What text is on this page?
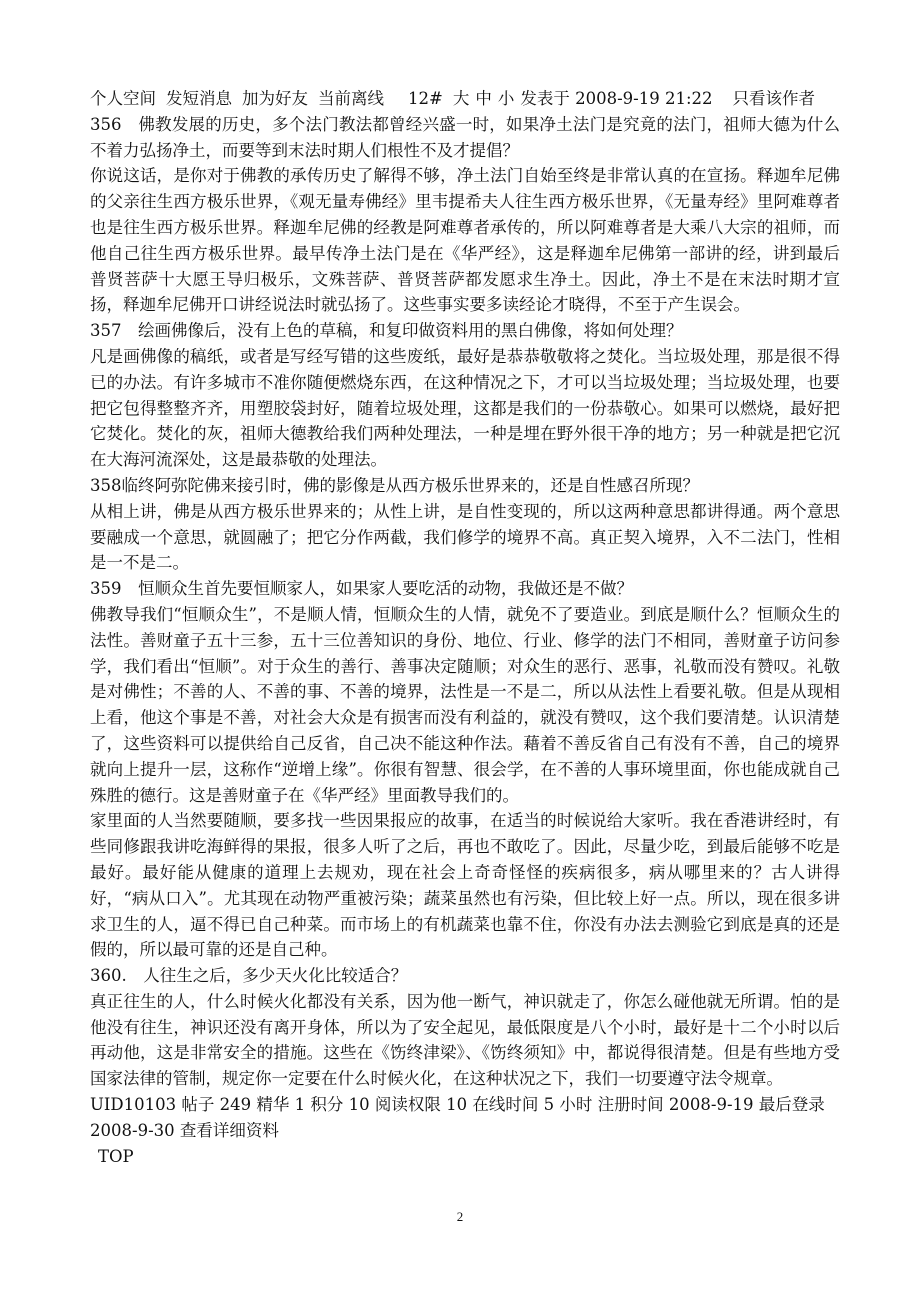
个人空间 发短消息 加为好友 当前离线 12# 大 中 小 发表于 2008-9-19 21:22 只看该作者
356　佛教发展的历史，多个法门教法都曾经兴盛一时，如果净土法门是究竟的法门，祖师大德为什么不着力弘扬净土，而要等到末法时期人们根性不及才提倡？
你说这话，是你对于佛教的承传历史了解得不够，净土法门自始至终是非常认真的在宣扬。释迦牟尼佛的父亲往生西方极乐世界，《观无量寿佛经》里韦提希夫人往生西方极乐世界，《无量寿经》里阿难尊者也是往生西方极乐世界。释迦牟尼佛的经教是阿难尊者承传的，所以阿难尊者是大乘八大宗的祖师，而他自己往生西方极乐世界。最早传净土法门是在《华严经》，这是释迦牟尼佛第一部讲的经，讲到最后普贤菩萨十大愿王导归极乐，文殊菩萨、普贤菩萨都发愿求生净土。因此，净土不是在末法时期才宣扬，释迦牟尼佛开口讲经说法时就弘扬了。这些事实要多读经论才晓得，不至于产生误会。
357　绘画佛像后，没有上色的草稿，和复印做资料用的黑白佛像，将如何处理？
凡是画佛像的稿纸，或者是写经写错的这些废纸，最好是恭恭敬敬将之焚化。当垃圾处理，那是很不得已的办法。有许多城市不准你随便燃烧东西，在这种情况之下，才可以当垃圾处理；当垃圾处理，也要把它包得整整齐齐，用塑胶袋封好，随着垃圾处理，这都是我们的一份恭敬心。如果可以燃烧，最好把它焚化。焚化的灰，祖师大德教给我们两种处理法，一种是埋在野外很干净的地方；另一种就是把它沉在大海河流深处，这是最恭敬的处理法。
358临终阿弥陀佛来接引时，佛的影像是从西方极乐世界来的，还是自性感召所现？
从相上讲，佛是从西方极乐世界来的；从性上讲，是自性变现的，所以这两种意思都讲得通。两个意思要融成一个意思，就圆融了；把它分作两截，我们修学的境界不高。真正契入境界，入不二法门，性相是一不是二。
359　恒顺众生首先要恒顺家人，如果家人要吃活的动物，我做还是不做？
佛教导我们“恒顺众生”，不是顺人情，恒顺众生的人情，就免不了要造业。到底是顺什么？恒顺众生的法性。善财童子五十三参，五十三位善知识的身份、地位、行业、修学的法门不相同，善财童子访问参学，我们看出“恒顺”。对于众生的善行、善事决定随顺；对众生的恶行、恶事，礼敬而没有赞叹。礼敬是对佛性；不善的人、不善的事、不善的境界，法性是一不是二，所以从法性上看要礼敬。但是从现相上看，他这个事是不善，对社会大众是有损害而没有利益的，就没有赞叹，这个我们要清楚。认识清楚了，这些资料可以提供给自己反省，自己决不能这种作法。藉着不善反省自己有没有不善，自己的境界就向上提升一层，这称作“逆增上缘”。你很有智慧、很会学，在不善的人事环境里面，你也能成就自己殊胜的德行。这是善财童子在《华严经》里面教导我们的。
家里面的人当然要随顺，要多找一些因果报应的故事，在适当的时候说给大家听。我在香港讲经时，有些同修跟我讲吃海鲜得的果报，很多人听了之后，再也不敢吃了。因此，尽量少吃，到最后能够不吃是最好。最好能从健康的道理上去规劝，现在社会上奇奇怪怪的疾病很多，病从哪里来的？古人讲得好，“病从口入”。尤其现在动物严重被污染；蔬菜虽然也有污染，但比较上好一点。所以，现在很多讲求卫生的人，逼不得已自己种菜。而市场上的有机蔬菜也靠不住，你没有办法去测验它到底是真的还是假的，所以最可靠的还是自己种。
360.　人往生之后，多少天火化比较适合？
真正往生的人，什么时候火化都没有关系，因为他一断气，神识就走了，你怎么碰他就无所谓。怕的是他没有往生，神识还没有离开身体，所以为了安全起见，最低限度是八个小时，最好是十二个小时以后再动他，这是非常安全的措施。这些在《饬终津梁》、《饬终须知》中，都说得很清楚。但是有些地方受国家法律的管制，规定你一定要在什么时候火化，在这种状况之下，我们一切要遵守法令规章。
UID10103 帖子 249 精华 1 积分 10 阅读权限 10 在线时间 5 小时 注册时间 2008-9-19 最后登录 2008-9-30 查看详细资料
TOP
2
